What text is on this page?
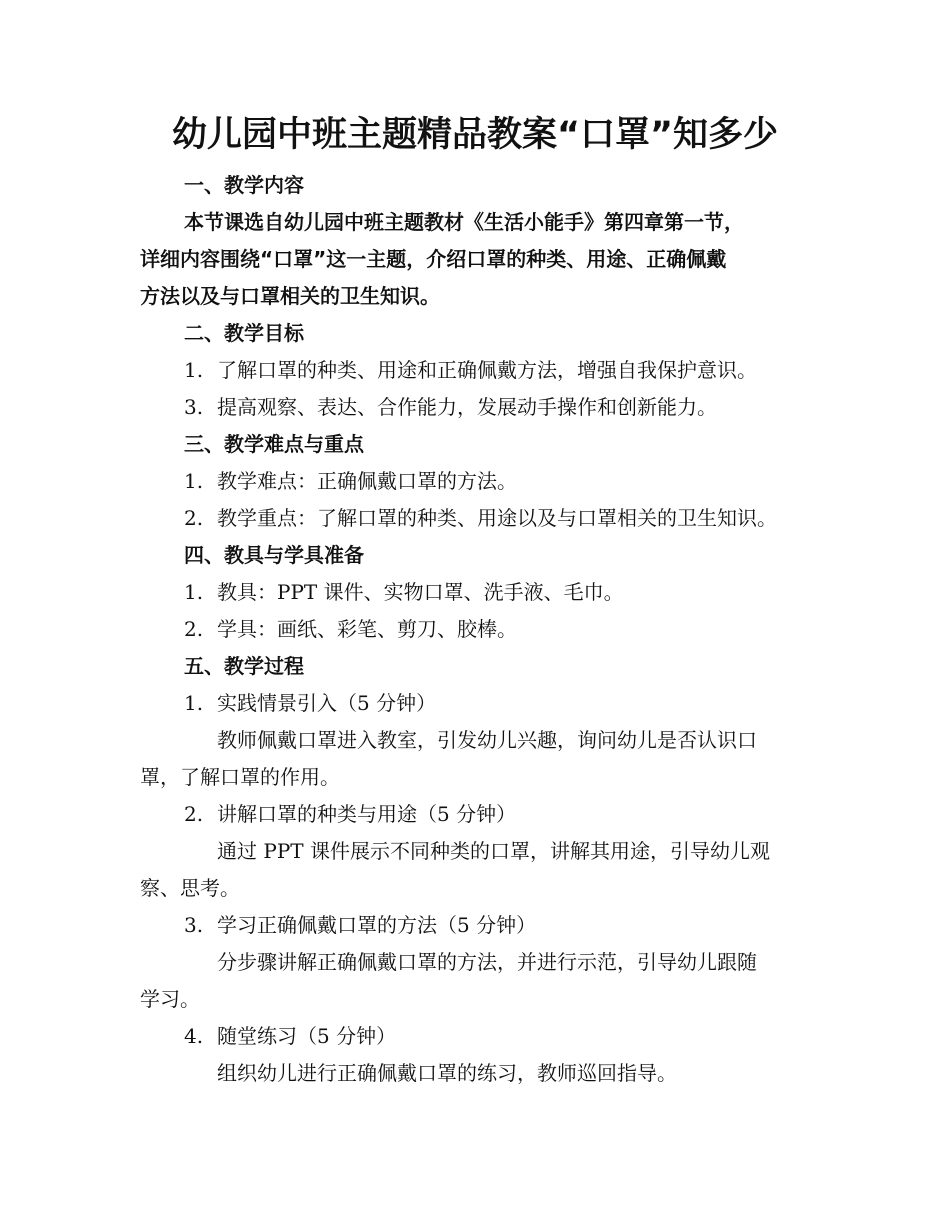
幼儿园中班主题精品教案“口罩”知多少
一、教学内容
本节课选自幼儿园中班主题教材《生活小能手》第四章第一节，
详细内容围绕“口罩”这一主题，介绍口罩的种类、用途、正确佩戴
方法以及与口罩相关的卫生知识。
二、教学目标
1. 了解口罩的种类、用途和正确佩戴方法，增强自我保护意识。
3. 提高观察、表达、合作能力，发展动手操作和创新能力。
三、教学难点与重点
1. 教学难点：正确佩戴口罩的方法。
2. 教学重点：了解口罩的种类、用途以及与口罩相关的卫生知识。
四、教具与学具准备
1. 教具：PPT 课件、实物口罩、洗手液、毛巾。
2. 学具：画纸、彩笔、剪刀、胶棒。
五、教学过程
1. 实践情景引入（5 分钟）
教师佩戴口罩进入教室，引发幼儿兴趣，询问幼儿是否认识口
罩，了解口罩的作用。
2. 讲解口罩的种类与用途（5 分钟）
通过 PPT 课件展示不同种类的口罩，讲解其用途，引导幼儿观
察、思考。
3. 学习正确佩戴口罩的方法（5 分钟）
分步骤讲解正确佩戴口罩的方法，并进行示范，引导幼儿跟随
学习。
4. 随堂练习（5 分钟）
组织幼儿进行正确佩戴口罩的练习，教师巡回指导。
